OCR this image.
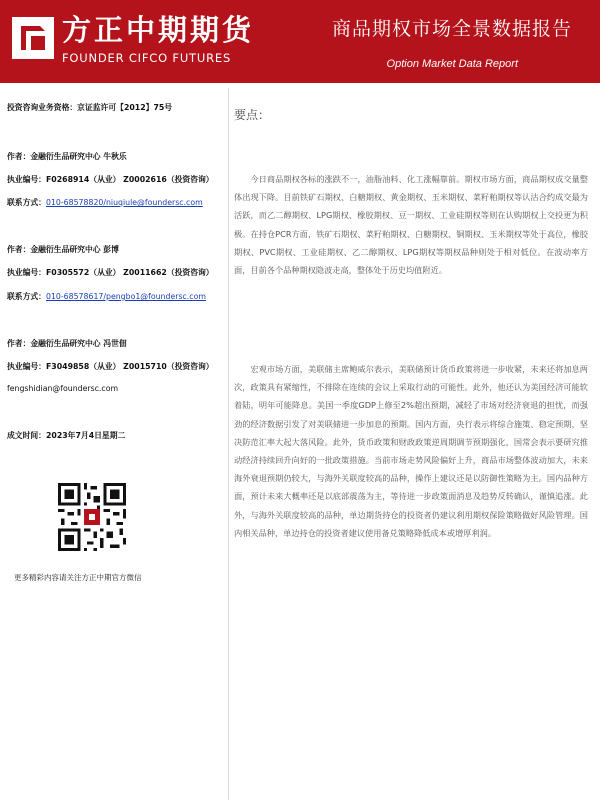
方正中期期货
FOUNDER CIFCO FUTURES
商品期权市场全景数据报告
Option Market Data Report
投资咨询业务资格：京证监许可【2012】75号
作者：金融衍生品研究中心 牛秋乐
执业编号：F0268914（从业） Z0002616（投资咨询）
联系方式：010-68578820/niuqiule@foundersc.com
作者：金融衍生品研究中心 彭博
执业编号：F0305572（从业） Z0011662（投资咨询）
联系方式：010-68578617/pengbo1@foundersc.com
作者：金融衍生品研究中心 冯世佃
执业编号：F3049858（从业） Z0015710（投资咨询）
fengshidian@foundersc.com
成文时间：2023年7月4日星期二
更多精彩内容请关注方正中期官方微信
要点：

今日商品期权各标的涨跌不一，油脂油料、化工涨幅靠前。期权市场方面，商品期权成交量整体出现下降。目前铁矿石期权、白糖期权、黄金期权、玉米期权、菜籽粕期权等认沽合约成交最为活跃，而乙二醇期权、LPG期权、橡胶期权、豆一期权、工业硅期权等则在认购期权上交投更为积极。在持仓PCR方面，铁矿石期权、菜籽粕期权、白糖期权、铜期权、玉米期权等处于高位，橡胶期权、PVC期权、工业硅期权、乙二醇期权、LPG期权等期权品种则处于相对低位。在波动率方面，目前各个品种期权隐波走高，整体处于历史均值附近。

宏观市场方面，美联储主席鲍威尔表示，美联储预计货币政策将进一步收紧，未来还将加息两次，政策具有紧缩性，不排除在连续的会议上采取行动的可能性。此外，他还认为美国经济可能软着陆，明年可能降息。美国一季度GDP上修至2%超出预期，减轻了市场对经济衰退的担忧，而强劲的经济数据引发了对美联储进一步加息的预期。国内方面，央行表示将综合施策、稳定预期，坚决防范汇率大起大落风险。此外，货币政策和财政政策逆周期调节预期强化，国常会表示要研究推动经济持续回升向好的一批政策措施。当前市场走势风险偏好上升，商品市场整体波动加大，未来海外衰退预期仍较大，与海外关联度较高的品种，操作上建议还是以防御性策略为主。国内品种方面，预计未来大概率还是以底部震荡为主，等待进一步政策面消息及趋势反转确认，谨慎追涨。此外，与海外关联度较高的品种，单边期货持仓的投资者仍建议利用期权保险策略做好风险管理。国内相关品种，单边持仓的投资者建议使用备兑策略降低成本或增厚利润。
